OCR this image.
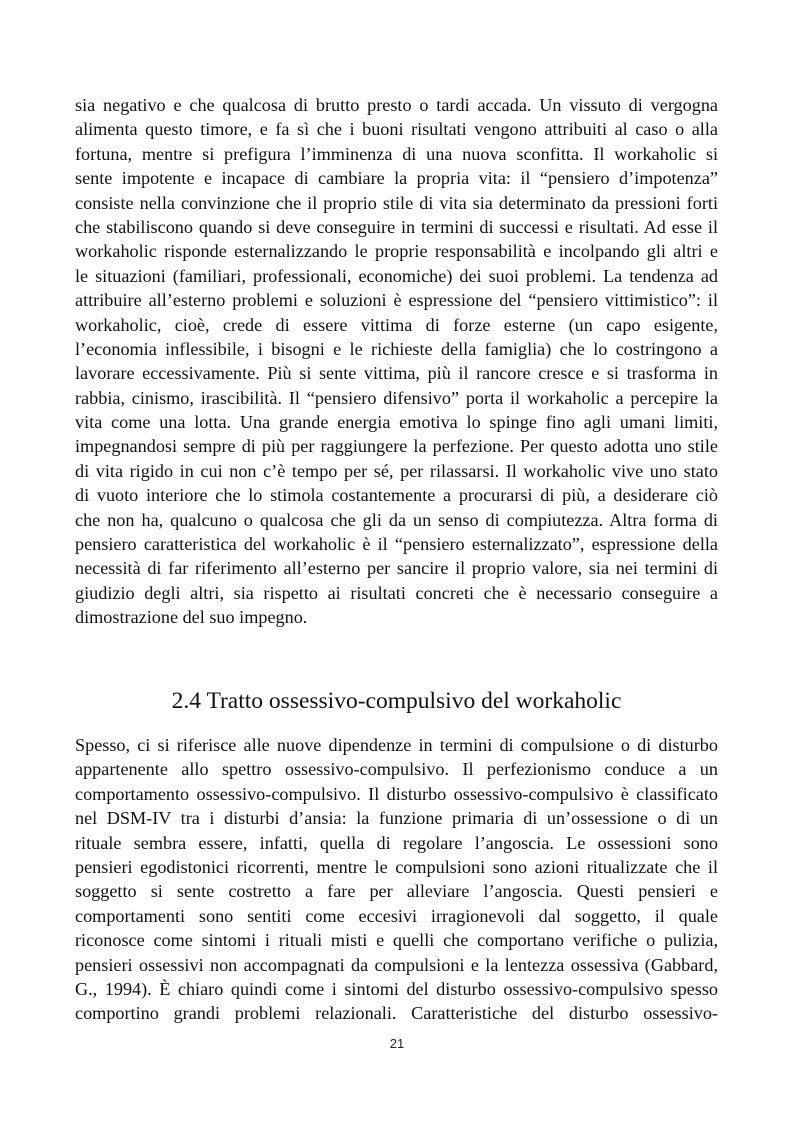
sia negativo e che qualcosa di brutto presto o tardi accada. Un vissuto di vergogna
alimenta questo timore, e fa sì che i buoni risultati vengono attribuiti al caso o alla
fortuna, mentre si prefigura l’imminenza di una nuova sconfitta. Il workaholic si
sente impotente e incapace di cambiare la propria vita: il “pensiero d’impotenza”
consiste nella convinzione che il proprio stile di vita sia determinato da pressioni forti
che stabiliscono quando si deve conseguire in termini di successi e risultati. Ad esse il
workaholic risponde esternalizzando le proprie responsabilità e incolpando gli altri e
le situazioni (familiari, professionali, economiche) dei suoi problemi. La tendenza ad
attribuire all’esterno problemi e soluzioni è espressione del “pensiero vittimistico”: il
workaholic, cioè, crede di essere vittima di forze esterne (un capo esigente,
l’economia inflessibile, i bisogni e le richieste della famiglia) che lo costringono a
lavorare eccessivamente. Più si sente vittima, più il rancore cresce e si trasforma in
rabbia, cinismo, irascibilità. Il “pensiero difensivo” porta il workaholic a percepire la
vita come una lotta. Una grande energia emotiva lo spinge fino agli umani limiti,
impegnandosi sempre di più per raggiungere la perfezione. Per questo adotta uno stile
di vita rigido in cui non c’è tempo per sé, per rilassarsi. Il workaholic vive uno stato
di vuoto interiore che lo stimola costantemente a procurarsi di più, a desiderare ciò
che non ha, qualcuno o qualcosa che gli da un senso di compiutezza. Altra forma di
pensiero caratteristica del workaholic è il “pensiero esternalizzato”, espressione della
necessità di far riferimento all’esterno per sancire il proprio valore, sia nei termini di
giudizio degli altri, sia rispetto ai risultati concreti che è necessario conseguire a
dimostrazione del suo impegno.
2.4 Tratto ossessivo-compulsivo del workaholic
Spesso, ci si riferisce alle nuove dipendenze in termini di compulsione o di disturbo
appartenente allo spettro ossessivo-compulsivo. Il perfezionismo conduce a un
comportamento ossessivo-compulsivo. Il disturbo ossessivo-compulsivo è classificato
nel DSM-IV tra i disturbi d’ansia: la funzione primaria di un’ossessione o di un
rituale sembra essere, infatti, quella di regolare l’angoscia. Le ossessioni sono
pensieri egodistonici ricorrenti, mentre le compulsioni sono azioni ritualizzate che il
soggetto si sente costretto a fare per alleviare l’angoscia. Questi pensieri e
comportamenti sono sentiti come eccesivi irragionevoli dal soggetto, il quale
riconosce come sintomi i rituali misti e quelli che comportano verifiche o pulizia,
pensieri ossessivi non accompagnati da compulsioni e la lentezza ossessiva (Gabbard,
G., 1994). È chiaro quindi come i sintomi del disturbo ossessivo-compulsivo spesso
comportino grandi problemi relazionali. Caratteristiche del disturbo ossessivo-
21
